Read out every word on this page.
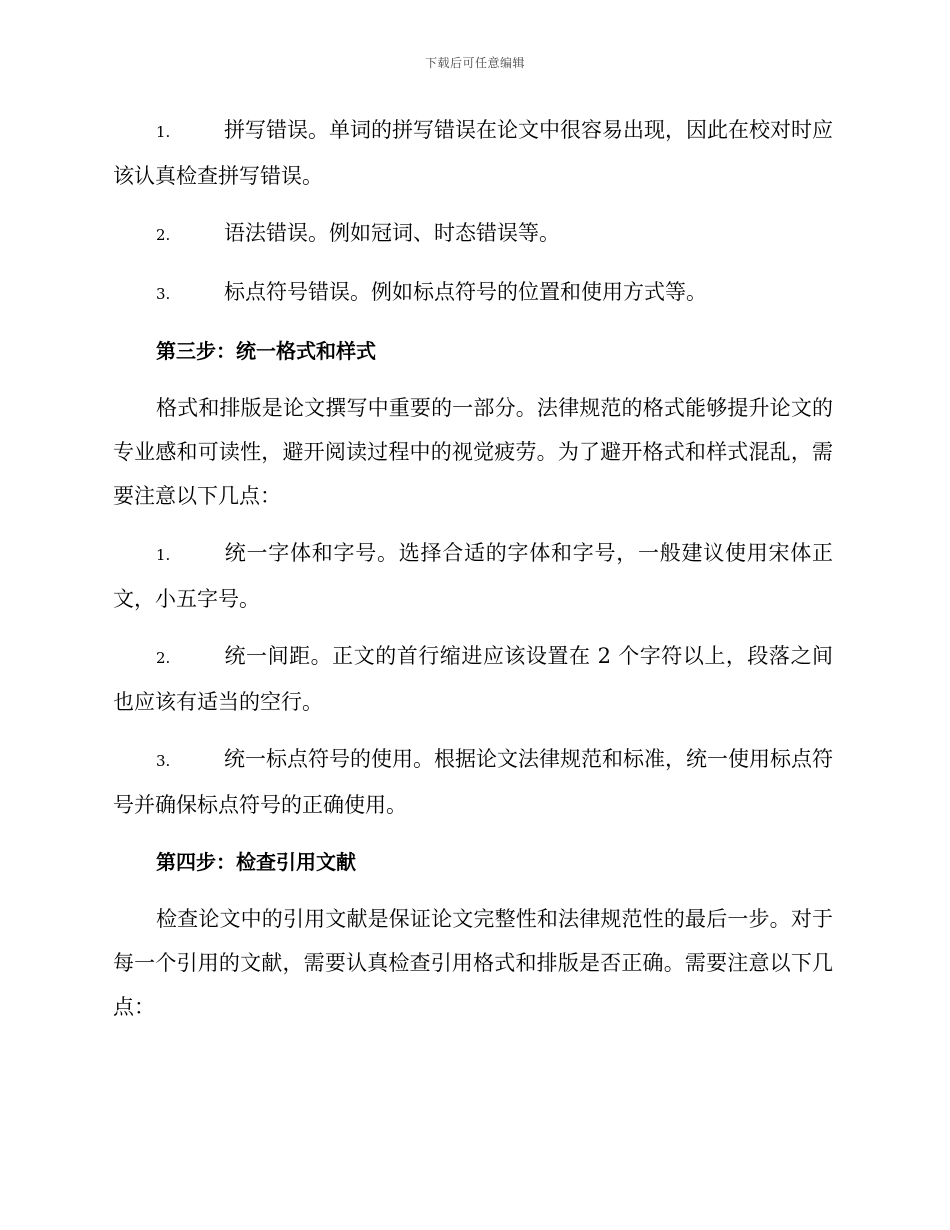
下载后可任意编辑

1.	拼写错误。单词的拼写错误在论文中很容易出现，因此在校对时应该认真检查拼写错误。

2.	语法错误。例如冠词、时态错误等。

3.	标点符号错误。例如标点符号的位置和使用方式等。

第三步：统一格式和样式

格式和排版是论文撰写中重要的一部分。法律规范的格式能够提升论文的专业感和可读性，避开阅读过程中的视觉疲劳。为了避开格式和样式混乱，需要注意以下几点：

1.	统一字体和字号。选择合适的字体和字号，一般建议使用宋体正文，小五字号。

2.	统一间距。正文的首行缩进应该设置在 2 个字符以上，段落之间也应该有适当的空行。

3.	统一标点符号的使用。根据论文法律规范和标准，统一使用标点符号并确保标点符号的正确使用。

第四步：检查引用文献

检查论文中的引用文献是保证论文完整性和法律规范性的最后一步。对于每一个引用的文献，需要认真检查引用格式和排版是否正确。需要注意以下几点：
